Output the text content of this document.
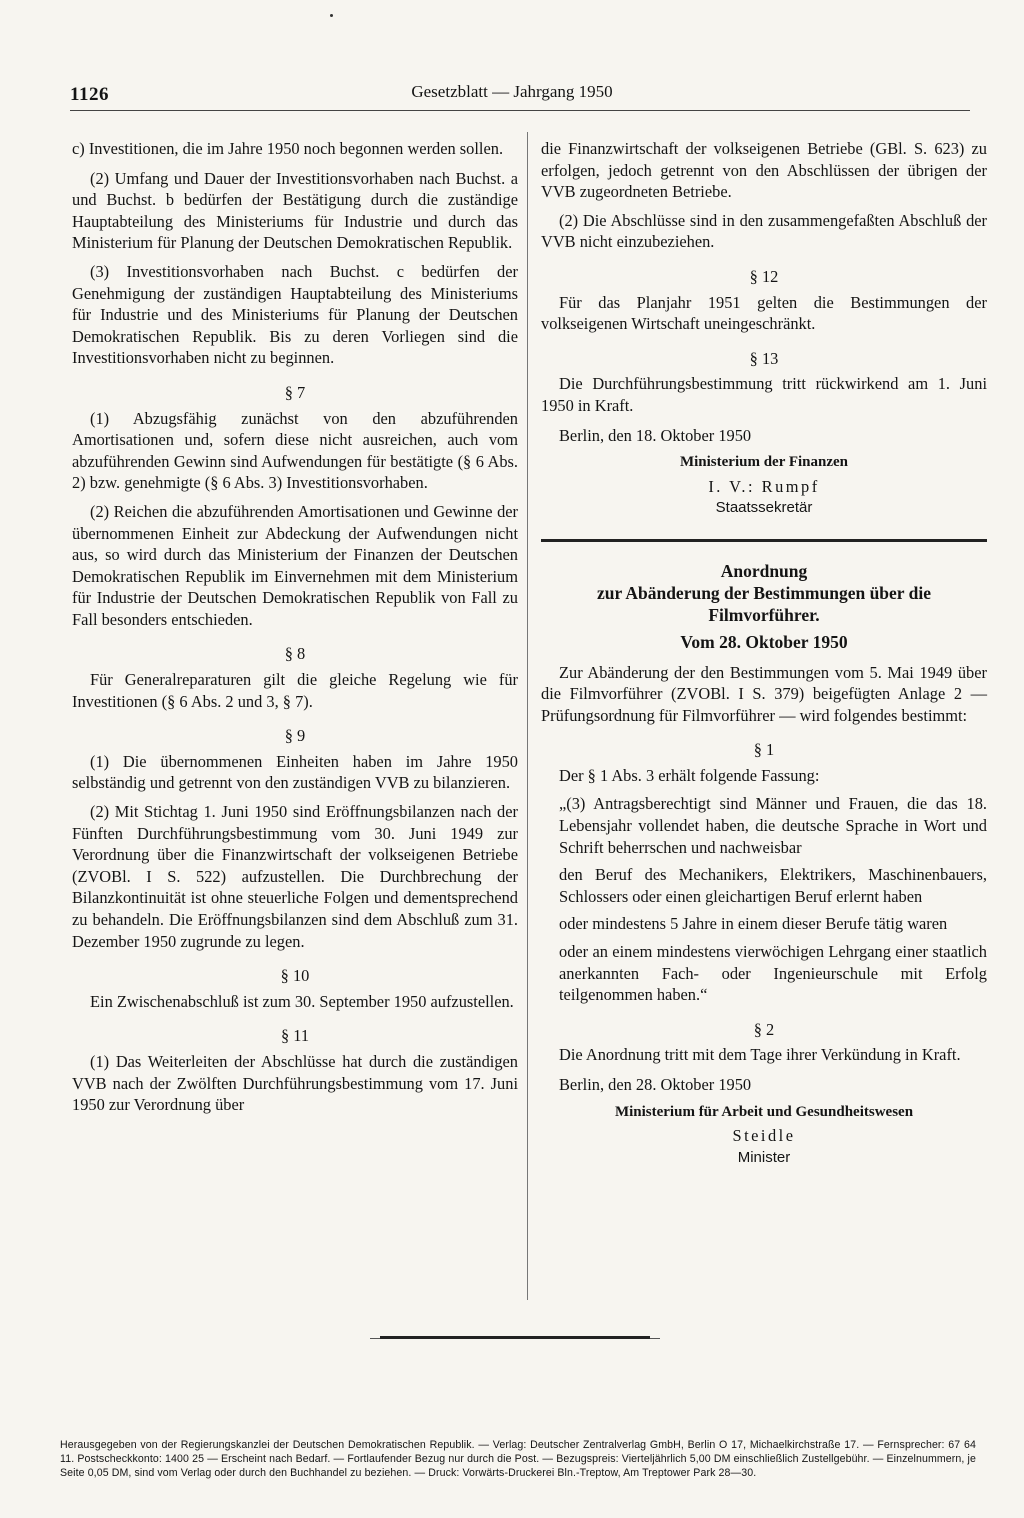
1126	Gesetzblatt — Jahrgang 1950

c) Investitionen, die im Jahre 1950 noch begonnen werden sollen.

(2) Umfang und Dauer der Investitionsvorhaben nach Buchst. a und Buchst. b bedürfen der Bestätigung durch die zuständige Hauptabteilung des Ministeriums für Industrie und durch das Ministerium für Planung der Deutschen Demokratischen Republik.

(3) Investitionsvorhaben nach Buchst. c bedürfen der Genehmigung der zuständigen Hauptabteilung des Ministeriums für Industrie und des Ministeriums für Planung der Deutschen Demokratischen Republik. Bis zu deren Vorliegen sind die Investitionsvorhaben nicht zu beginnen.

§ 7

(1) Abzugsfähig zunächst von den abzuführenden Amortisationen und, sofern diese nicht ausreichen, auch vom abzuführenden Gewinn sind Aufwendungen für bestätigte (§ 6 Abs. 2) bzw. genehmigte (§ 6 Abs. 3) Investitionsvorhaben.

(2) Reichen die abzuführenden Amortisationen und Gewinne der übernommenen Einheit zur Abdeckung der Aufwendungen nicht aus, so wird durch das Ministerium der Finanzen der Deutschen Demokratischen Republik im Einvernehmen mit dem Ministerium für Industrie der Deutschen Demokratischen Republik von Fall zu Fall besonders entschieden.

§ 8

Für Generalreparaturen gilt die gleiche Regelung wie für Investitionen (§ 6 Abs. 2 und 3, § 7).

§ 9

(1) Die übernommenen Einheiten haben im Jahre 1950 selbständig und getrennt von den zuständigen VVB zu bilanzieren.

(2) Mit Stichtag 1. Juni 1950 sind Eröffnungsbilanzen nach der Fünften Durchführungsbestimmung vom 30. Juni 1949 zur Verordnung über die Finanzwirtschaft der volkseigenen Betriebe (ZVOBl. I S. 522) aufzustellen. Die Durchbrechung der Bilanzkontinuität ist ohne steuerliche Folgen und dementsprechend zu behandeln. Die Eröffnungsbilanzen sind dem Abschluß zum 31. Dezember 1950 zugrunde zu legen.

§ 10

Ein Zwischenabschluß ist zum 30. September 1950 aufzustellen.

§ 11

(1) Das Weiterleiten der Abschlüsse hat durch die zuständigen VVB nach der Zwölften Durchführungsbestimmung vom 17. Juni 1950 zur Verordnung über

die Finanzwirtschaft der volkseigenen Betriebe (GBl. S. 623) zu erfolgen, jedoch getrennt von den Abschlüssen der übrigen der VVB zugeordneten Betriebe.

(2) Die Abschlüsse sind in den zusammengefaßten Abschluß der VVB nicht einzubeziehen.

§ 12

Für das Planjahr 1951 gelten die Bestimmungen der volkseigenen Wirtschaft uneingeschränkt.

§ 13

Die Durchführungsbestimmung tritt rückwirkend am 1. Juni 1950 in Kraft.

Berlin, den 18. Oktober 1950

Ministerium der Finanzen

I. V.: Rumpf

Staatssekretär

Anordnung

zur Abänderung der Bestimmungen über die Filmvorführer.

Vom 28. Oktober 1950

Zur Abänderung der den Bestimmungen vom 5. Mai 1949 über die Filmvorführer (ZVOBl. I S. 379) beigefügten Anlage 2 — Prüfungsordnung für Filmvorführer — wird folgendes bestimmt:

§ 1

Der § 1 Abs. 3 erhält folgende Fassung:

„(3) Antragsberechtigt sind Männer und Frauen, die das 18. Lebensjahr vollendet haben, die deutsche Sprache in Wort und Schrift beherrschen und nachweisbar

den Beruf des Mechanikers, Elektrikers, Maschinenbauers, Schlossers oder einen gleichartigen Beruf erlernt haben

oder mindestens 5 Jahre in einem dieser Berufe tätig waren

oder an einem mindestens vierwöchigen Lehrgang einer staatlich anerkannten Fach- oder Ingenieurschule mit Erfolg teilgenommen haben.“

§ 2

Die Anordnung tritt mit dem Tage ihrer Verkündung in Kraft.

Berlin, den 28. Oktober 1950

Ministerium für Arbeit und Gesundheitswesen

Steidle

Minister

Herausgegeben von der Regierungskanzlei der Deutschen Demokratischen Republik. — Verlag: Deutscher Zentralverlag GmbH, Berlin O 17, Michaelkirchstraße 17. — Fernsprecher: 67 64 11. Postscheckkonto: 1400 25 — Erscheint nach Bedarf. — Fortlaufender Bezug nur durch die Post. — Bezugspreis: Vierteljährlich 5,00 DM einschließlich Zustellgebühr. — Einzelnummern, je Seite 0,05 DM, sind vom Verlag oder durch den Buchhandel zu beziehen. — Druck: Vorwärts-Druckerei Bln.-Treptow, Am Treptower Park 28—30.
